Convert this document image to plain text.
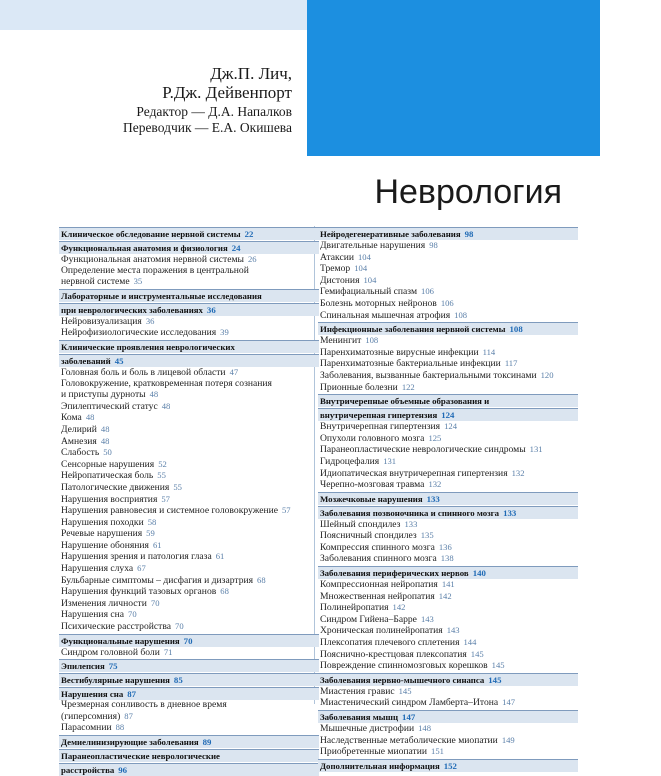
1
Дж.П. Лич,
Р.Дж. Дейвенпорт
Редактор — Д.А. Напалков
Переводчик — Е.А. Окишева
Неврология
Клиническое обследование нервной системы 22
Функциональная анатомия и физиология 24
Функциональная анатомия нервной системы 26
Определение места поражения в центральной
нервной системе 35
Лабораторные и инструментальные исследования
при неврологических заболеваниях 36
Нейровизуализация 36
Нейрофизиологические исследования 39
Клинические проявления неврологических
заболеваний 45
Головная боль и боль в лицевой области 47
Головокружение, кратковременная потеря сознания
и приступы дурноты 48
Эпилептический статус 48
Кома 48
Делирий 48
Амнезия 48
Слабость 50
Сенсорные нарушения 52
Нейропатическая боль 55
Патологические движения 55
Нарушения восприятия 57
Нарушения равновесия и системное головокружение 57
Нарушения походки 58
Речевые нарушения 59
Нарушение обоняния 61
Нарушения зрения и патология глаза 61
Нарушения слуха 67
Бульбарные симптомы – дисфагия и дизартрия 68
Нарушения функций тазовых органов 68
Изменения личности 70
Нарушения сна 70
Психические расстройства 70
Функциональные нарушения 70
Синдром головной боли 71
Эпилепсия 75
Вестибулярные нарушения 85
Нарушения сна 87
Чрезмерная сонливость в дневное время
(гиперсомния) 87
Парасомнии 88
Демиелинизирующие заболевания 89
Паранеопластические неврологические
расстройства 96
Нейродегенеративные заболевания 98
Двигательные нарушения 98
Атаксии 104
Тремор 104
Дистония 104
Гемифациальный спазм 106
Болезнь моторных нейронов 106
Спинальная мышечная атрофия 108
Инфекционные заболевания нервной системы 108
Менингит 108
Паренхиматозные вирусные инфекции 114
Паренхиматозные бактериальные инфекции 117
Заболевания, вызванные бактериальными токсинами 120
Прионные болезни 122
Внутричерепные объемные образования и
внутричерепная гипертензия 124
Внутричерепная гипертензия 124
Опухоли головного мозга 125
Паранеопластические неврологические синдромы 131
Гидроцефалия 131
Идиопатическая внутричерепная гипертензия 132
Черепно-мозговая травма 132
Мозжечковые нарушения 133
Заболевания позвоночника и спинного мозга 133
Шейный спондилез 133
Поясничный спондилез 135
Компрессия спинного мозга 136
Заболевания спинного мозга 138
Заболевания периферических нервов 140
Компрессионная нейропатия 141
Множественная нейропатия 142
Полинейропатия 142
Синдром Гийена–Барре 143
Хроническая полинейропатия 143
Плексопатия плечевого сплетения 144
Пояснично-крестцовая плексопатия 145
Повреждение спинномозговых корешков 145
Заболевания нервно-мышечного синапса 145
Миастения гравис 145
Миастенический синдром Ламберта–Итона 147
Заболевания мышц 147
Мышечные дистрофии 148
Наследственные метаболические миопатии 149
Приобретенные миопатии 151
Дополнительная информация 152
